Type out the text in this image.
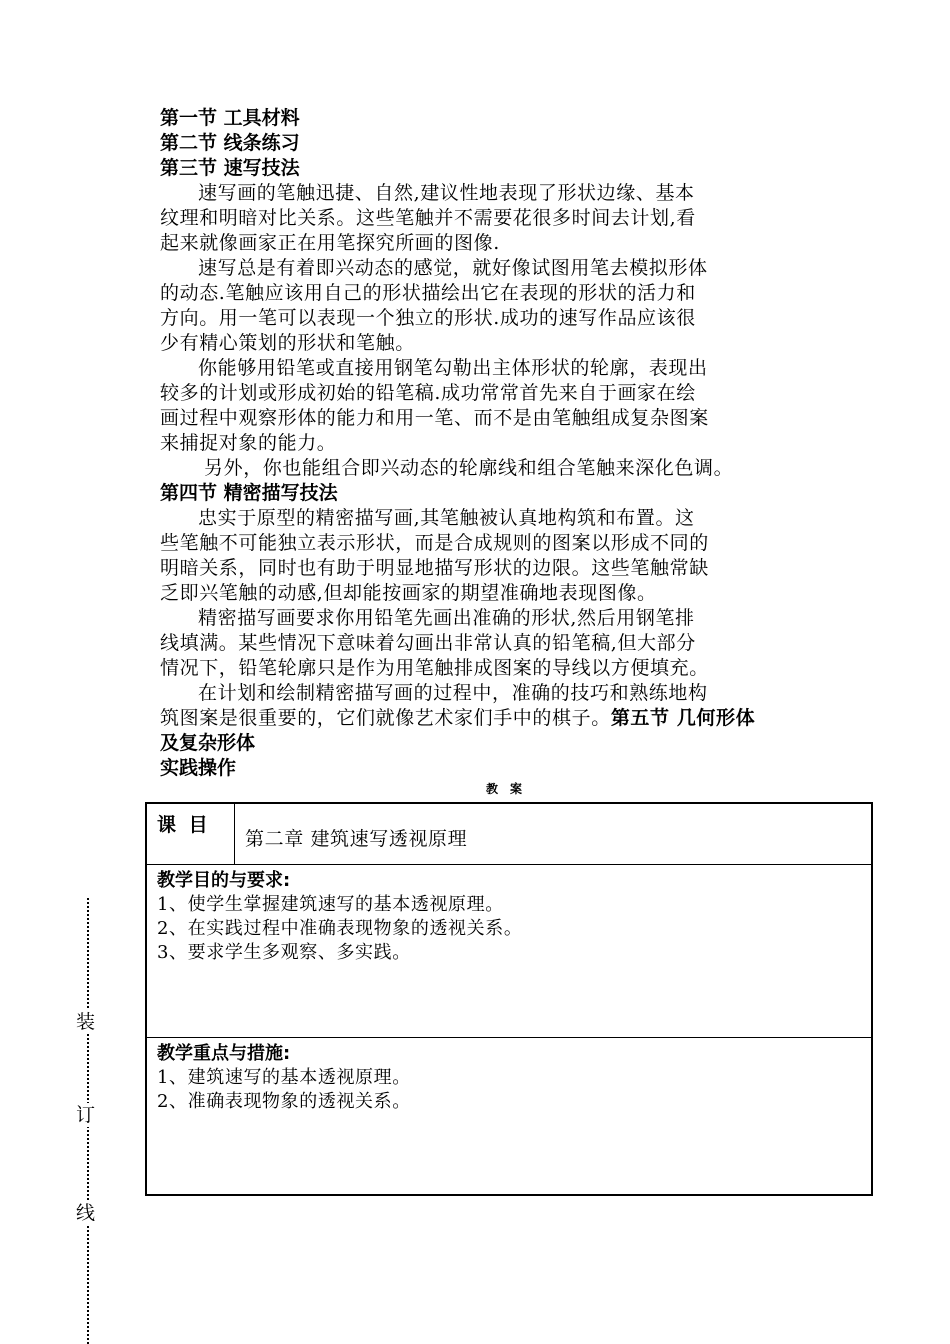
第一节 工具材料
第二节 线条练习
第三节 速写技法
速写画的笔触迅捷、自然,建议性地表现了形状边缘、基本
纹理和明暗对比关系。这些笔触并不需要花很多时间去计划,看
起来就像画家正在用笔探究所画的图像.
速写总是有着即兴动态的感觉，就好像试图用笔去模拟形体
的动态.笔触应该用自己的形状描绘出它在表现的形状的活力和
方向。用一笔可以表现一个独立的形状.成功的速写作品应该很
少有精心策划的形状和笔触。
你能够用铅笔或直接用钢笔勾勒出主体形状的轮廓，表现出
较多的计划或形成初始的铅笔稿.成功常常首先来自于画家在绘
画过程中观察形体的能力和用一笔、而不是由笔触组成复杂图案
来捕捉对象的能力。
另外，你也能组合即兴动态的轮廓线和组合笔触来深化色调。
第四节 精密描写技法
忠实于原型的精密描写画,其笔触被认真地构筑和布置。这
些笔触不可能独立表示形状，而是合成规则的图案以形成不同的
明暗关系，同时也有助于明显地描写形状的边限。这些笔触常缺
乏即兴笔触的动感,但却能按画家的期望准确地表现图像。
精密描写画要求你用铅笔先画出准确的形状,然后用钢笔排
线填满。某些情况下意味着勾画出非常认真的铅笔稿,但大部分
情况下，铅笔轮廓只是作为用笔触排成图案的导线以方便填充。
在计划和绘制精密描写画的过程中，准确的技巧和熟练地构
筑图案是很重要的，它们就像艺术家们手中的棋子。第五节 几何形体
及复杂形体
实践操作
教案
课 目
第二章 建筑速写透视原理
教学目的与要求:
1、使学生掌握建筑速写的基本透视原理。
2、在实践过程中准确表现物象的透视关系。
3、要求学生多观察、多实践。
教学重点与措施:
1、建筑速写的基本透视原理。
2、准确表现物象的透视关系。
装
订
线
